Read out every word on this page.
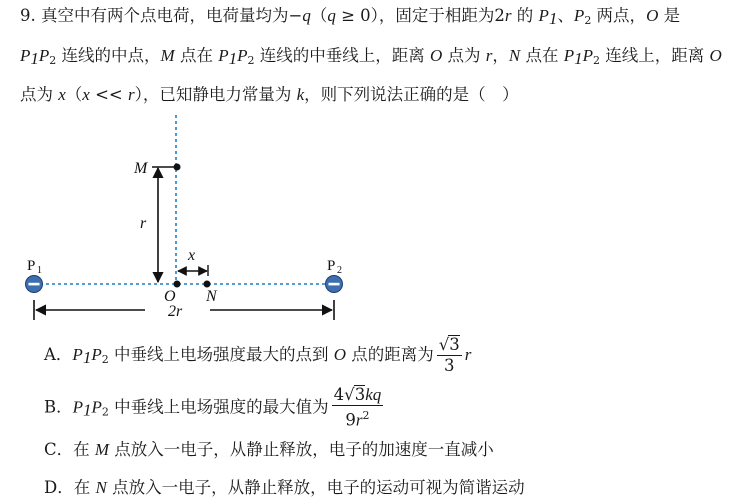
9. 真空中有两个点电荷，电荷量均为−q（q ≥ 0），固定于相距为2r 的 $P_1$、$P_2$ 两点，O 是
$P_1P_2$ 连线的中点，M 点在 $P_1P_2$ 连线的中垂线上，距离 O 点为 r，N 点在 $P_1P_2$ 连线上，距离 O
点为 x（x << r），已知静电力常量为 k，则下列说法正确的是（　）
M
r
x
O N
2r
P 1	P 2
A．$P_1P_2$ 中垂线上电场强度最大的点到 O 点的距离为 $\frac{√3}{3}$ r
B．$P_1P_2$ 中垂线上电场强度的最大值为 $\frac{4√3kq}{9r^2}$
C．在 M 点放入一电子，从静止释放，电子的加速度一直减小
D．在 N 点放入一电子，从静止释放，电子的运动可视为简谐运动
